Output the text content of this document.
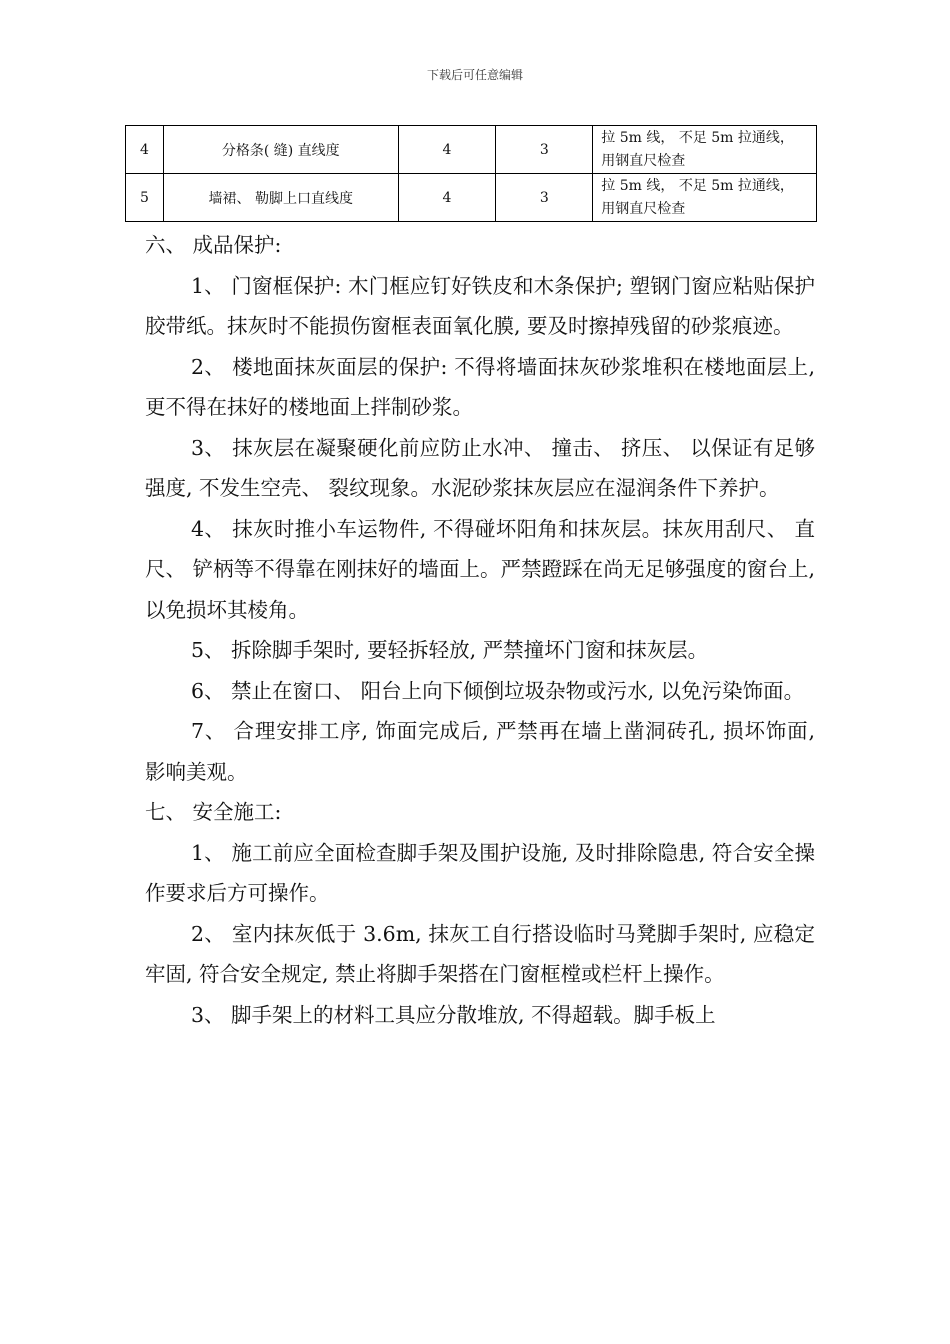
下载后可任意编辑
4	分格条( 缝) 直线度	4	3	拉 5m 线， 不足 5m 拉通线， 用钢直尺检查
5	墙裙、 勒脚上口直线度	4	3	拉 5m 线， 不足 5m 拉通线， 用钢直尺检查

六、 成品保护:

1、 门窗框保护: 木门框应钉好铁皮和木条保护; 塑钢门窗应粘贴保护胶带纸。抹灰时不能损伤窗框表面氧化膜, 要及时擦掉残留的砂浆痕迹。

2、 楼地面抹灰面层的保护: 不得将墙面抹灰砂浆堆积在楼地面层上, 更不得在抹好的楼地面上拌制砂浆。

3、 抹灰层在凝聚硬化前应防止水冲、 撞击、 挤压、 以保证有足够强度, 不发生空壳、 裂纹现象。水泥砂浆抹灰层应在湿润条件下养护。

4、 抹灰时推小车运物件, 不得碰坏阳角和抹灰层。抹灰用刮尺、 直尺、 铲柄等不得靠在刚抹好的墙面上。严禁蹬踩在尚无足够强度的窗台上, 以免损坏其棱角。

5、 拆除脚手架时, 要轻拆轻放, 严禁撞坏门窗和抹灰层。

6、 禁止在窗口、 阳台上向下倾倒垃圾杂物或污水, 以免污染饰面。

7、 合理安排工序, 饰面完成后, 严禁再在墙上凿洞砖孔, 损坏饰面, 影响美观。

七、 安全施工:

1、 施工前应全面检查脚手架及围护设施, 及时排除隐患, 符合安全操作要求后方可操作。

2、 室内抹灰低于 3.6m, 抹灰工自行搭设临时马凳脚手架时, 应稳定牢固, 符合安全规定, 禁止将脚手架搭在门窗框樘或栏杆上操作。

3、 脚手架上的材料工具应分散堆放, 不得超载。脚手板上
